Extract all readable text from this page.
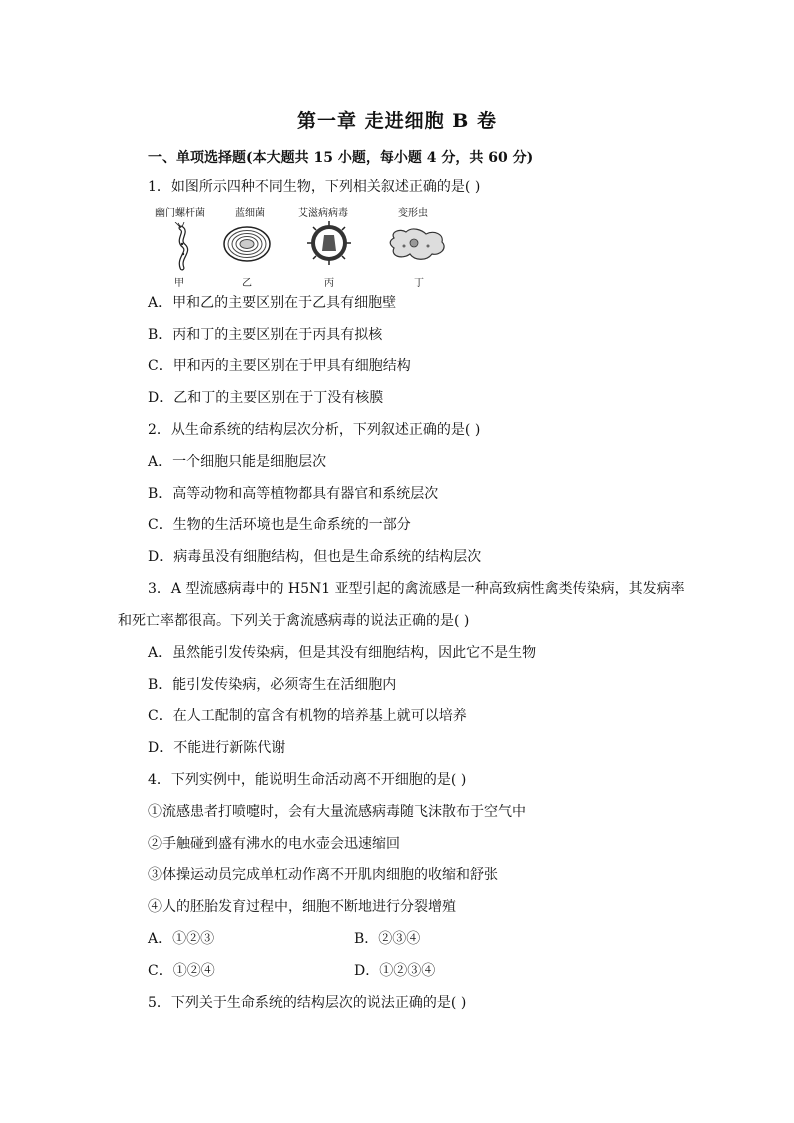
第一章 走进细胞 B 卷
一、单项选择题(本大题共 15 小题，每小题 4 分，共 60 分)
1．如图所示四种不同生物，下列相关叙述正确的是( )
幽门螺杆菌	蓝细菌	艾滋病病毒	变形虫
甲	乙	丙	丁
A．甲和乙的主要区别在于乙具有细胞壁
B．丙和丁的主要区别在于丙具有拟核
C．甲和丙的主要区别在于甲具有细胞结构
D．乙和丁的主要区别在于丁没有核膜
2．从生命系统的结构层次分析，下列叙述正确的是( )
A．一个细胞只能是细胞层次
B．高等动物和高等植物都具有器官和系统层次
C．生物的生活环境也是生命系统的一部分
D．病毒虽没有细胞结构，但也是生命系统的结构层次
3．A 型流感病毒中的 H5N1 亚型引起的禽流感是一种高致病性禽类传染病，其发病率
和死亡率都很高。下列关于禽流感病毒的说法正确的是( )
A．虽然能引发传染病，但是其没有细胞结构，因此它不是生物
B．能引发传染病，必须寄生在活细胞内
C．在人工配制的富含有机物的培养基上就可以培养
D．不能进行新陈代谢
4．下列实例中，能说明生命活动离不开细胞的是( )
①流感患者打喷嚏时，会有大量流感病毒随飞沫散布于空气中
②手触碰到盛有沸水的电水壶会迅速缩回
③体操运动员完成单杠动作离不开肌肉细胞的收缩和舒张
④人的胚胎发育过程中，细胞不断地进行分裂增殖
A．①②③	B．②③④
C．①②④	D．①②③④
5．下列关于生命系统的结构层次的说法正确的是( )
